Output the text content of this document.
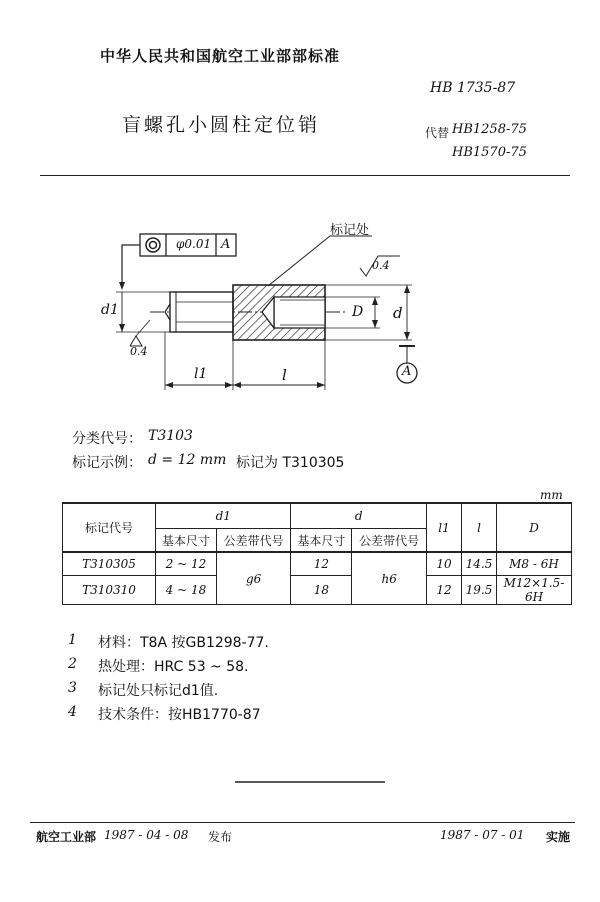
中华人民共和国航空工业部部标准
HB 1735-87
盲螺孔小圆柱定位销	代替 HB1258-75
HB1570-75
φ0.01 A
标记处
0.4
0.4
d1	D d
l1	l	A
分类代号： T3103
标记示例： d = 12 mm 标记为 T310305
mm
标记代号	d1		d		l1	l	D
	基本尺寸	公差带代号	基本尺寸	公差带代号			
T310305	2 ~ 12	g6	12	h6	10	14.5	M8 - 6H
T310310	4 ~ 18		18		12	19.5	M12×1.5-6H
1 材料：T8A 按GB1298-77.
2 热处理：HRC 53 ~ 58.
3 标记处只标记d1值.
4 技术条件：按HB1770-87
航空工业部 1987 - 04 - 08 发布	1987 - 07 - 01 实施
